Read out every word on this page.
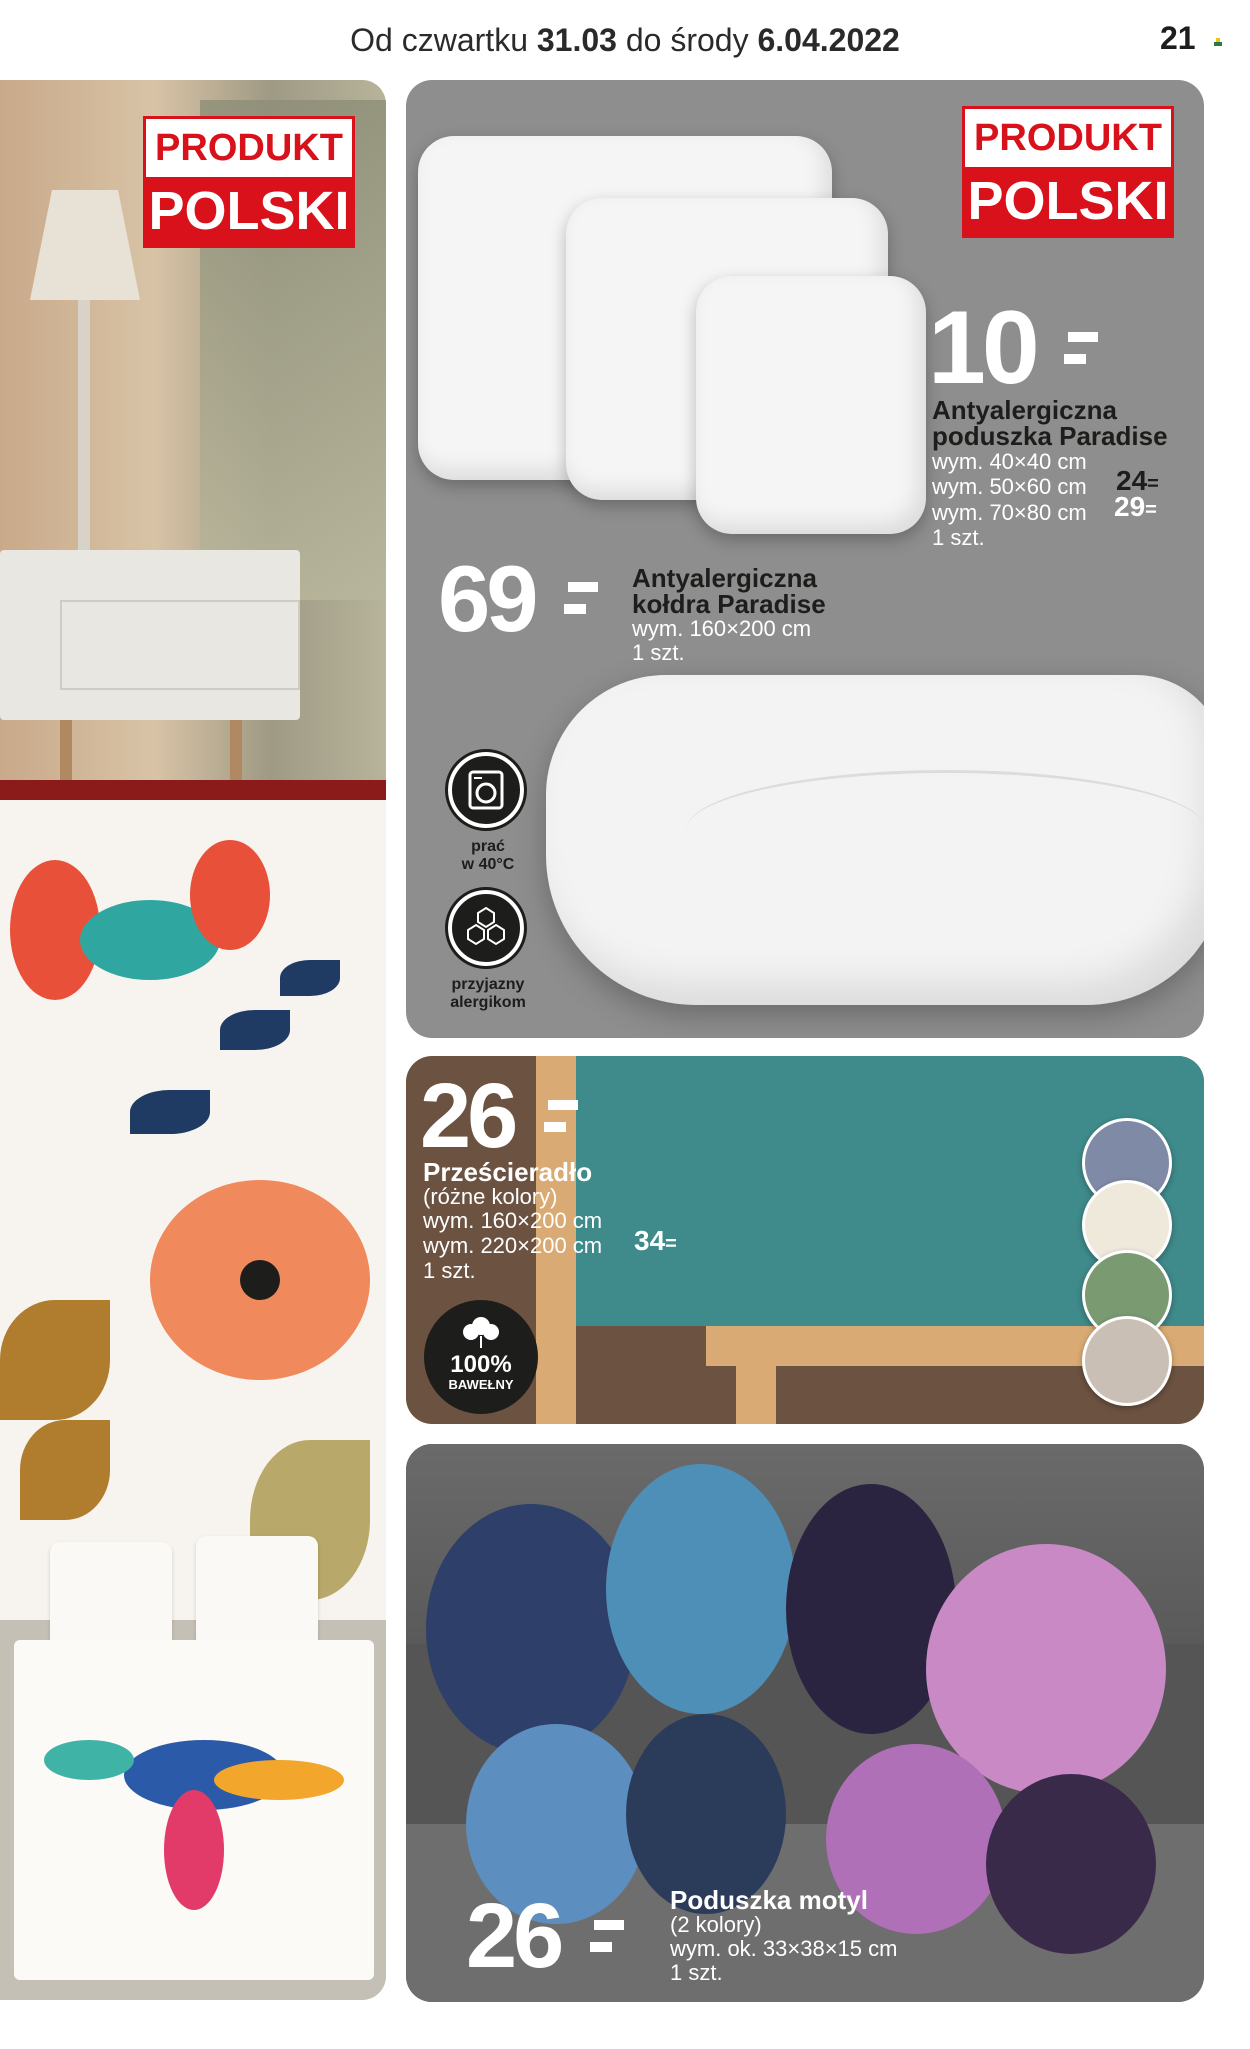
Od czwartku 31.03 do środy 6.04.2022	21
PRODUKT
POLSKI
PRODUKT
POLSKI
10
Antyalergiczna
poduszka Paradise
wym. 40×40 cm
wym. 50×60 cm 24=
wym. 70×80 cm 29=
1 szt.
69	Antyalergiczna
kołdra Paradise
wym. 160×200 cm
1 szt.
prać
w 40°C
przyjazny
alergikom
26
Prześcieradło
(różne kolory)
wym. 160×200 cm
wym. 220×200 cm 34=
1 szt.
100%
BAWEŁNY
26	Poduszka motyl
(2 kolory)
wym. ok. 33×38×15 cm
1 szt.
